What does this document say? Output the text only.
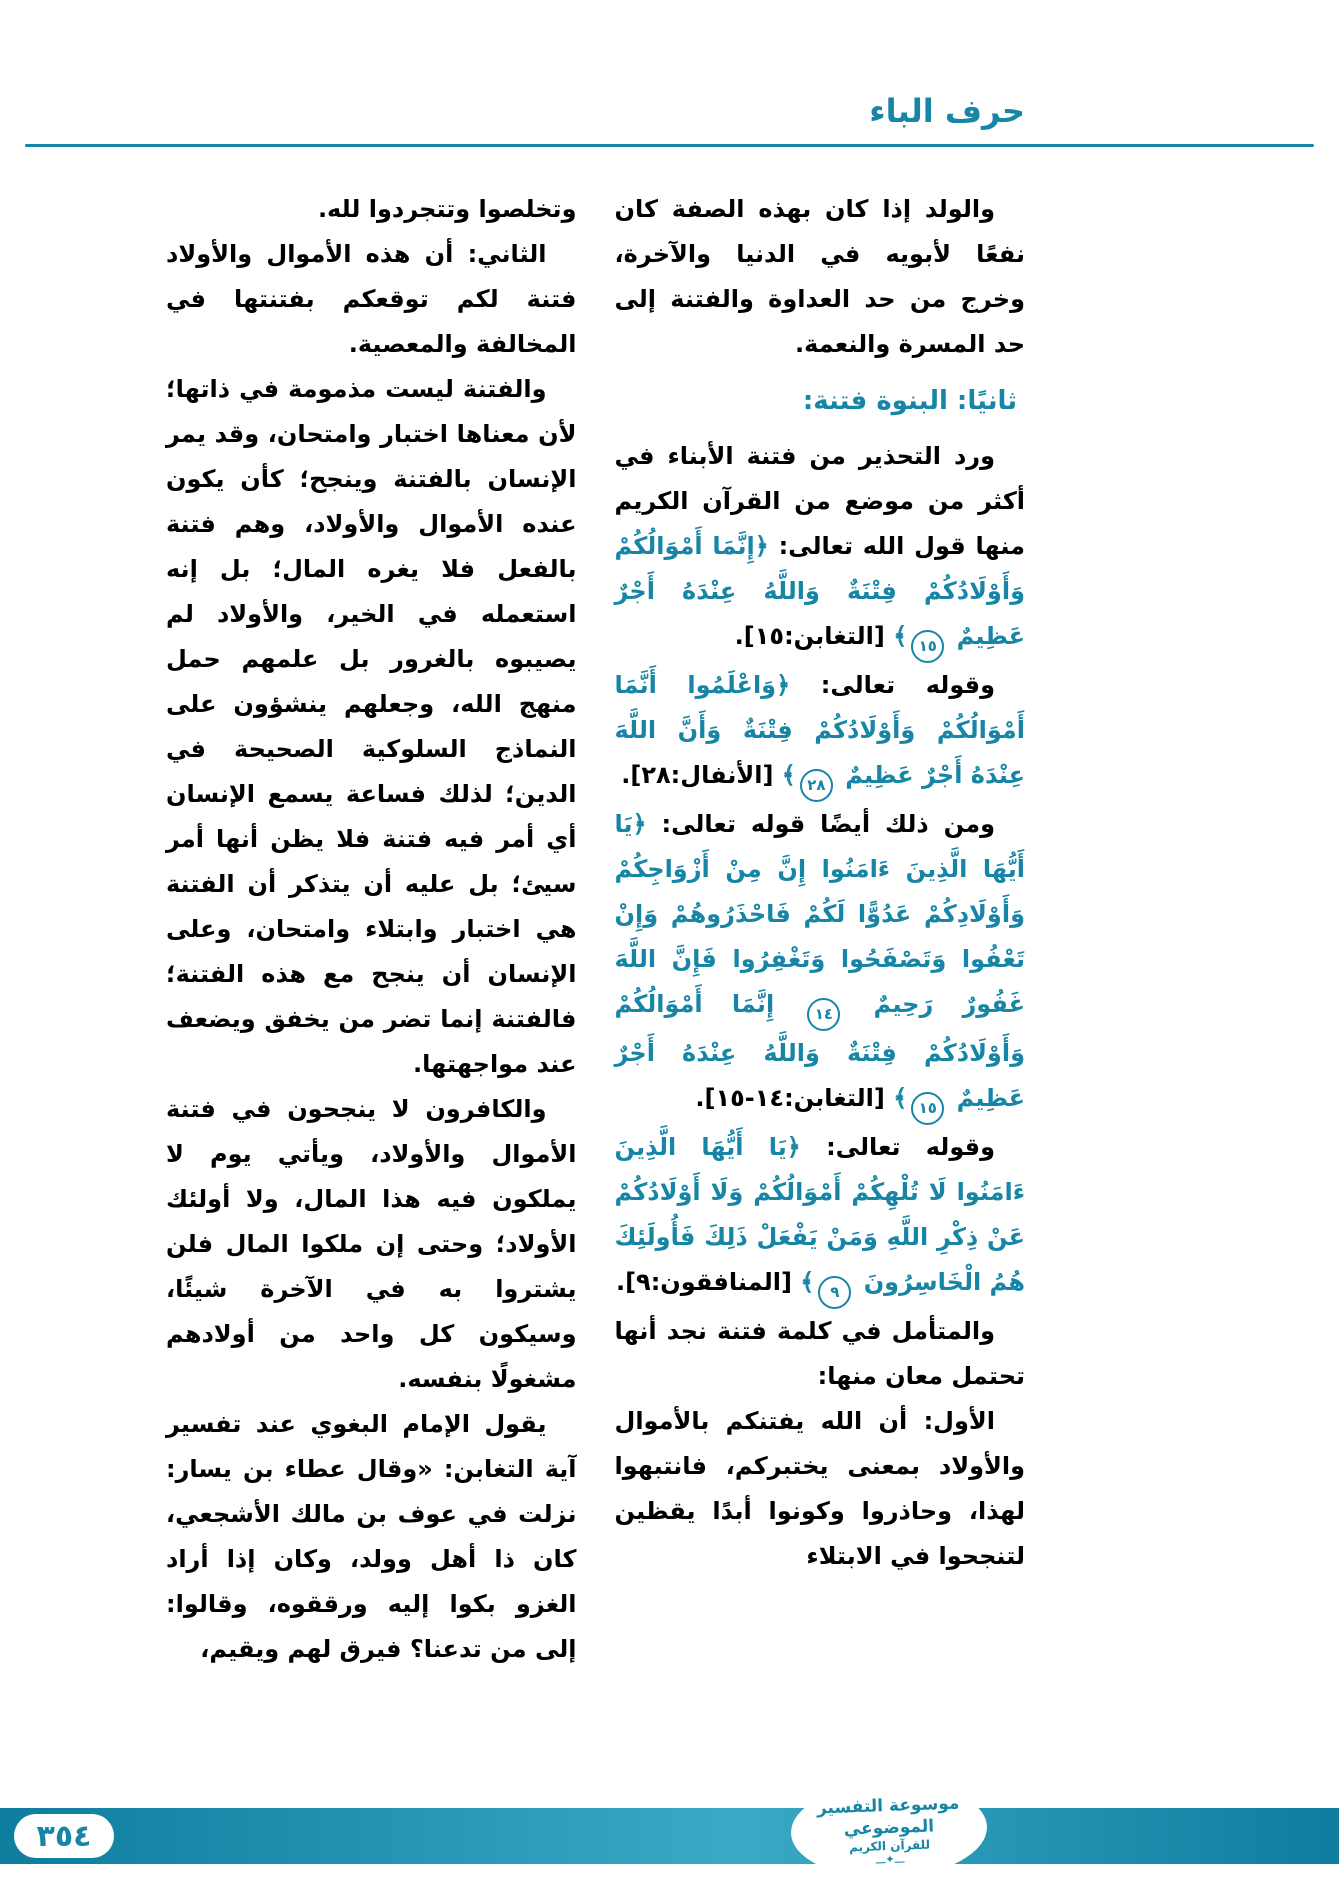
حرف الباء

والولد إذا كان بهذه الصفة كان نفعًا لأبويه في الدنيا والآخرة، وخرج من حد العداوة والفتنة إلى حد المسرة والنعمة.

ثانيًا: البنوة فتنة:

ورد التحذير من فتنة الأبناء في أكثر من موضع من القرآن الكريم منها قول الله تعالى: ﴿إِنَّمَا أَمْوَالُكُمْ وَأَوْلَادُكُمْ فِتْنَةٌ وَاللَّهُ عِنْدَهُ أَجْرٌ عَظِيمٌ ١٥﴾ [التغابن:١٥].

وقوله تعالى: ﴿وَاعْلَمُوا أَنَّمَا أَمْوَالُكُمْ وَأَوْلَادُكُمْ فِتْنَةٌ وَأَنَّ اللَّهَ عِنْدَهُ أَجْرٌ عَظِيمٌ ٢٨﴾ [الأنفال:٢٨].

ومن ذلك أيضًا قوله تعالى: ﴿يَا أَيُّهَا الَّذِينَ ءَامَنُوا إِنَّ مِنْ أَزْوَاجِكُمْ وَأَوْلَادِكُمْ عَدُوًّا لَكُمْ فَاحْذَرُوهُمْ وَإِنْ تَعْفُوا وَتَصْفَحُوا وَتَغْفِرُوا فَإِنَّ اللَّهَ غَفُورٌ رَحِيمٌ ١٤ إِنَّمَا أَمْوَالُكُمْ وَأَوْلَادُكُمْ فِتْنَةٌ وَاللَّهُ عِنْدَهُ أَجْرٌ عَظِيمٌ ١٥﴾ [التغابن:١٤-١٥].

وقوله تعالى: ﴿يَا أَيُّهَا الَّذِينَ ءَامَنُوا لَا تُلْهِكُمْ أَمْوَالُكُمْ وَلَا أَوْلَادُكُمْ عَنْ ذِكْرِ اللَّهِ وَمَنْ يَفْعَلْ ذَلِكَ فَأُولَئِكَ هُمُ الْخَاسِرُونَ ٩﴾ [المنافقون:٩].

والمتأمل في كلمة فتنة نجد أنها تحتمل معان منها:

الأول: أن الله يفتنكم بالأموال والأولاد بمعنى يختبركم، فانتبهوا لهذا، وحاذروا وكونوا أبدًا يقظين لتنجحوا في الابتلاء

وتخلصوا وتتجردوا لله.

الثاني: أن هذه الأموال والأولاد فتنة لكم توقعكم بفتنتها في المخالفة والمعصية.

والفتنة ليست مذمومة في ذاتها؛ لأن معناها اختبار وامتحان، وقد يمر الإنسان بالفتنة وينجح؛ كأن يكون عنده الأموال والأولاد، وهم فتنة بالفعل فلا يغره المال؛ بل إنه استعمله في الخير، والأولاد لم يصيبوه بالغرور بل علمهم حمل منهج الله، وجعلهم ينشؤون على النماذج السلوكية الصحيحة في الدين؛ لذلك فساعة يسمع الإنسان أي أمر فيه فتنة فلا يظن أنها أمر سيئ؛ بل عليه أن يتذكر أن الفتنة هي اختبار وابتلاء وامتحان، وعلى الإنسان أن ينجح مع هذه الفتنة؛ فالفتنة إنما تضر من يخفق ويضعف عند مواجهتها.

والكافرون لا ينجحون في فتنة الأموال والأولاد، ويأتي يوم لا يملكون فيه هذا المال، ولا أولئك الأولاد؛ وحتى إن ملكوا المال فلن يشتروا به في الآخرة شيئًا، وسيكون كل واحد من أولادهم مشغولًا بنفسه.

يقول الإمام البغوي عند تفسير آية التغابن: «وقال عطاء بن يسار: نزلت في عوف بن مالك الأشجعي، كان ذا أهل وولد، وكان إذا أراد الغزو بكوا إليه ورققوه، وقالوا: إلى من تدعنا؟ فيرق لهم ويقيم،

٣٥٤
موسوعة التفسير الموضوعي
للقرآن الكريم
ـــ✦ـــ
